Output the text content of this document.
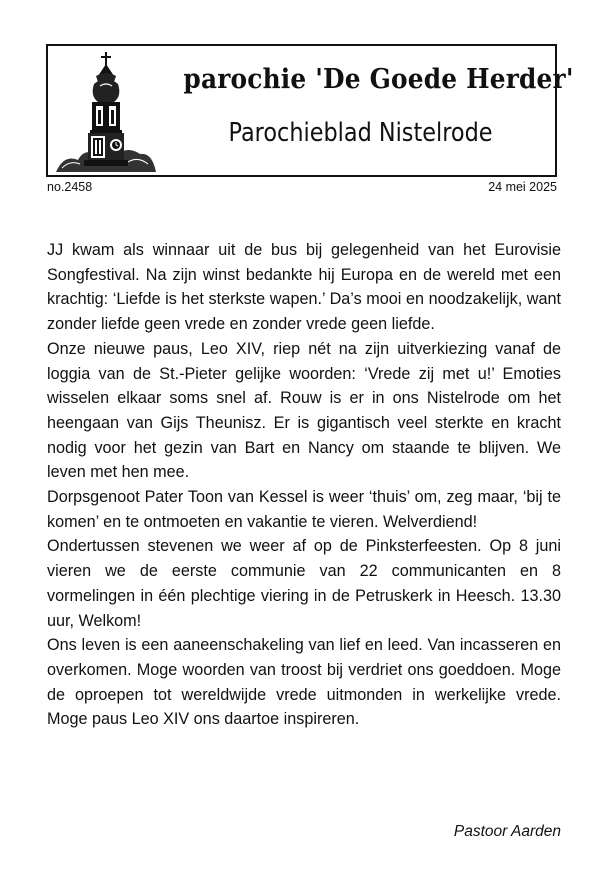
parochie 'De Goede Herder'
Parochieblad Nistelrode
no.2458	24 mei 2025

JJ kwam als winnaar uit de bus bij gelegenheid van het Eurovisie Songfestival. Na zijn winst bedankte hij Europa en de wereld met een krachtig: ‘Liefde is het sterkste wapen.’ Da’s mooi en noodzakelijk, want zonder liefde geen vrede en zonder vrede geen liefde.

Onze nieuwe paus, Leo XIV, riep nét na zijn uitverkiezing vanaf de loggia van de St.-Pieter gelijke woorden: ‘Vrede zij met u!’ Emoties wisselen elkaar soms snel af. Rouw is er in ons Nistelrode om het heengaan van Gijs Theunisz. Er is gigantisch veel sterkte en kracht nodig voor het gezin van Bart en Nancy om staande te blijven. We leven met hen mee.

Dorpsgenoot Pater Toon van Kessel is weer ‘thuis’ om, zeg maar, ‘bij te komen’ en te ontmoeten en vakantie te vieren. Welverdiend!

Ondertussen stevenen we weer af op de Pinksterfeesten. Op 8 juni vieren we de eerste communie van 22 communicanten en 8 vormelingen in één plechtige viering in de Petruskerk in Heesch. 13.30 uur, Welkom!

Ons leven is een aaneenschakeling van lief en leed. Van incasseren en overkomen. Moge woorden van troost bij verdriet ons goeddoen. Moge de oproepen tot wereldwijde vrede uitmonden in werkelijke vrede. Moge paus Leo XIV ons daartoe inspireren.

Pastoor Aarden
